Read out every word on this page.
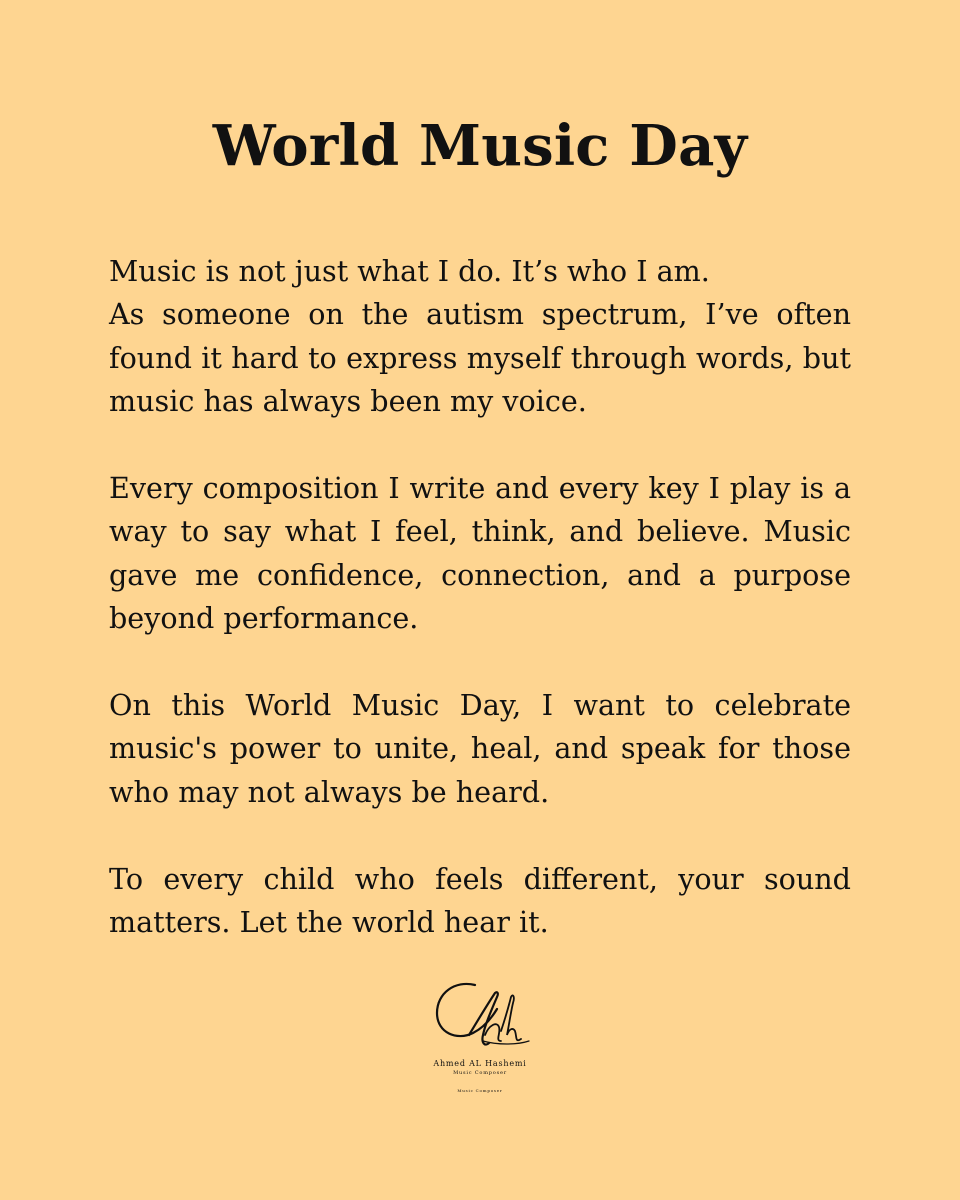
World Music Day

Music is not just what I do. It’s who I am.
As someone on the autism spectrum, I’ve often found it hard to express myself through words, but music has always been my voice.

Every composition I write and every key I play is a way to say what I feel, think, and believe. Music gave me confidence, connection, and a purpose beyond performance.

On this World Music Day, I want to celebrate music's power to unite, heal, and speak for those who may not always be heard.

To every child who feels different, your sound matters. Let the world hear it.

Ahmed AL Hashemi
Music Composer
Music Composer
